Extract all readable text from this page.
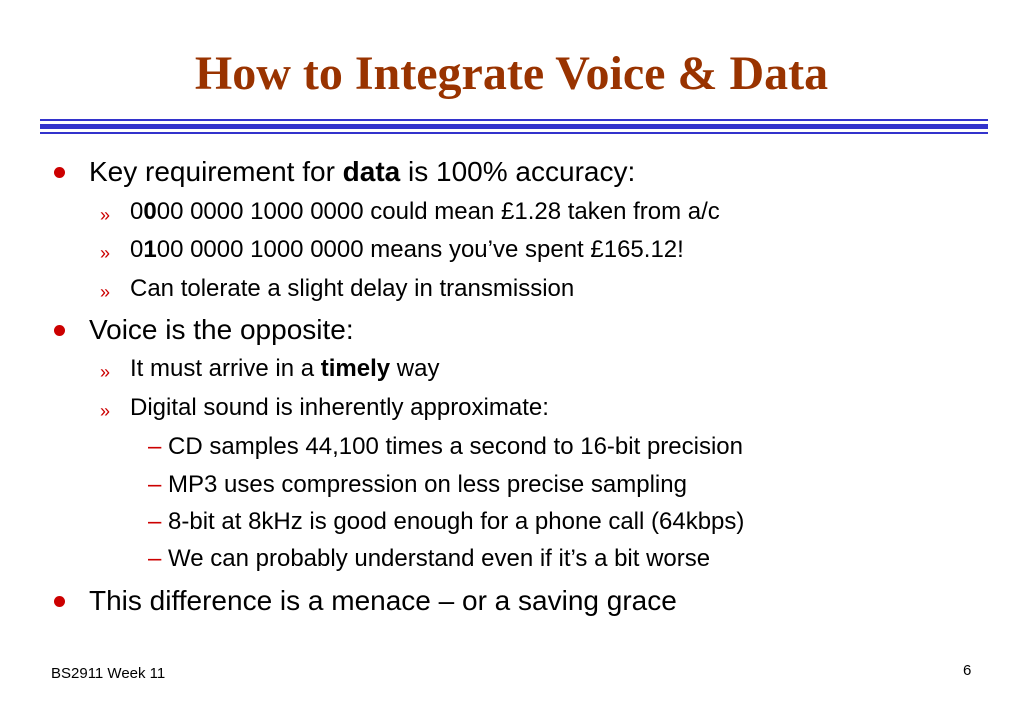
How to Integrate Voice & Data
Key requirement for data is 100% accuracy:
» 0000 0000 1000 0000 could mean £1.28 taken from a/c
» 0100 0000 1000 0000 means you’ve spent £165.12!
» Can tolerate a slight delay in transmission
Voice is the opposite:
» It must arrive in a timely way
» Digital sound is inherently approximate:
– CD samples 44,100 times a second to 16-bit precision
– MP3 uses compression on less precise sampling
– 8-bit at 8kHz is good enough for a phone call (64kbps)
– We can probably understand even if it’s a bit worse
This difference is a menace – or a saving grace
BS2911 Week 11	6
